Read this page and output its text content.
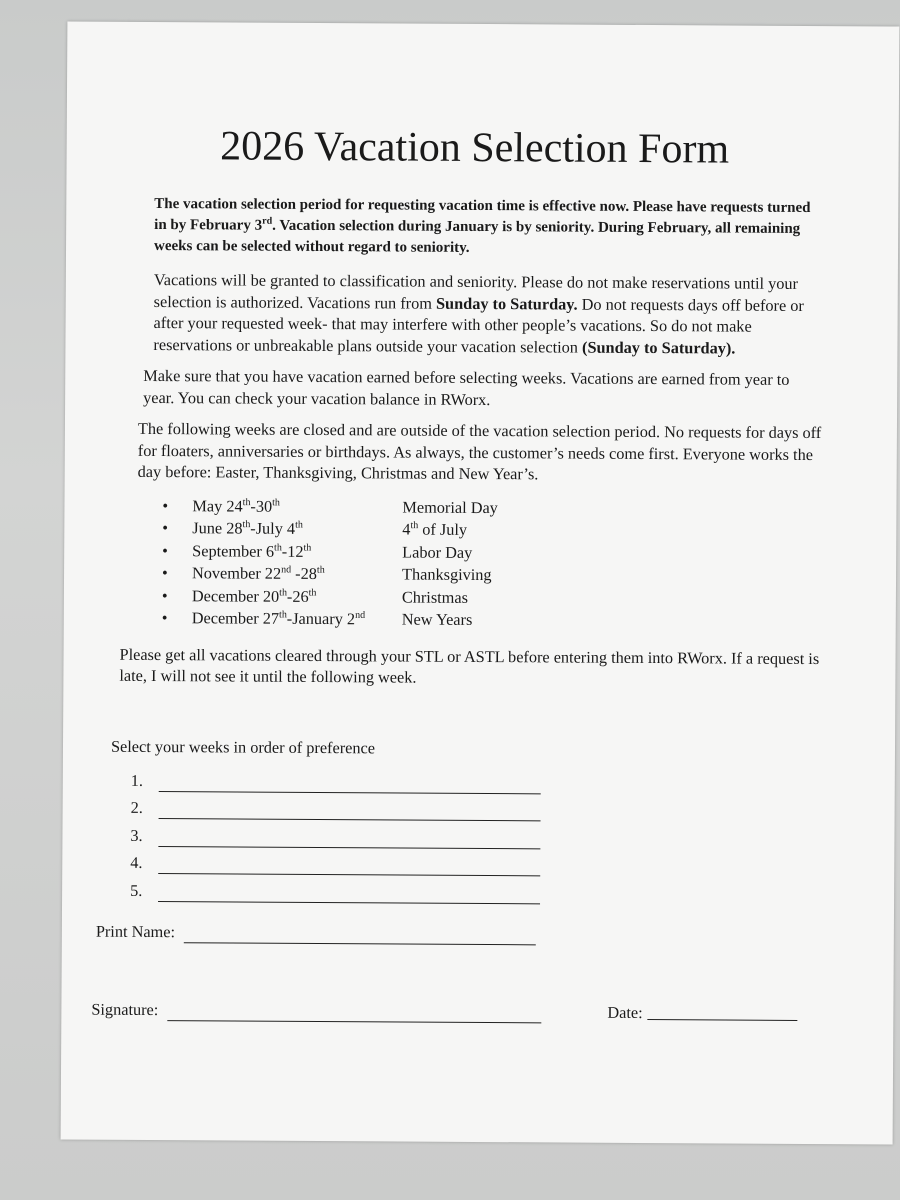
2026 Vacation Selection Form

The vacation selection period for requesting vacation time is effective now. Please have requests turned in by February 3rd. Vacation selection during January is by seniority. During February, all remaining weeks can be selected without regard to seniority.

Vacations will be granted to classification and seniority. Please do not make reservations until your selection is authorized. Vacations run from Sunday to Saturday. Do not requests days off before or after your requested week- that may interfere with other people’s vacations. So do not make reservations or unbreakable plans outside your vacation selection (Sunday to Saturday).

Make sure that you have vacation earned before selecting weeks. Vacations are earned from year to year. You can check your vacation balance in RWorx.

The following weeks are closed and are outside of the vacation selection period. No requests for days off for floaters, anniversaries or birthdays. As always, the customer’s needs come first. Everyone works the day before: Easter, Thanksgiving, Christmas and New Year’s.

• May 24th-30th	Memorial Day
• June 28th-July 4th	4th of July
• September 6th-12th	Labor Day
• November 22nd -28th	Thanksgiving
• December 20th-26th	Christmas
• December 27th-January 2nd New Years

Please get all vacations cleared through your STL or ASTL before entering them into RWorx. If a request is late, I will not see it until the following week.

Select your weeks in order of preference

1.
2.
3.
4.
5.
Print Name:
Signature:	Date:
